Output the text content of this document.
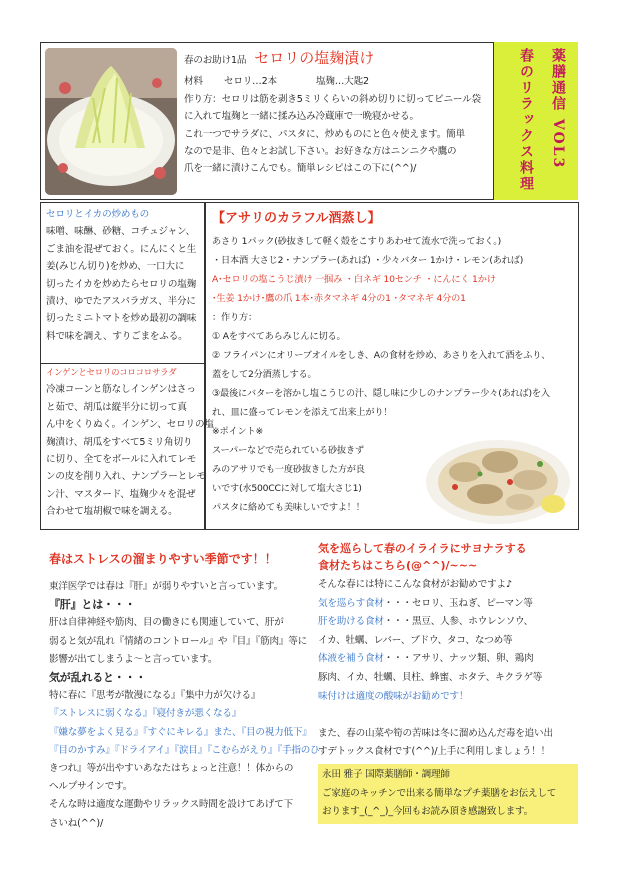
春のお助け1品 セロリの塩麹漬け
材料	セロリ…2本	塩麹…大匙2
作り方：セロリは筋を剥き5ミリくらいの斜め切りに切ってビニール袋
に入れて塩麹と一緒に揉み込み冷蔵庫で一晩寝かせる。
これ一つでサラダに、パスタに、炒めものにと色々使えます。簡単
なので是非、色々とお試し下さい。お好きな方はニンニクや鷹の
爪を一緒に漬けこんでも。簡単レシピはこの下に(^^)/	薬膳通信 VOL3
春のリラックス料理
セロリとイカの炒めもの
味噌、味醂、砂糖、コチュジャン、
ごま油を混ぜておく。にんにくと生
姜(みじん切り)を炒め、一口大に
切ったイカを炒めたらセロリの塩麹
漬け、ゆでたアスパラガス、半分に
切ったミニトマトを炒め最初の調味
料で味を調え、すりごまをふる。
インゲンとセロリのコロコロサラダ
冷凍コーンと筋なしインゲンはさっ
と茹で、胡瓜は縦半分に切って真
ん中をくりぬく。インゲン、セロリの塩
麹漬け、胡瓜をすべて5ミリ角切り
に切り、全てをボールに入れてレモ
ンの皮を削り入れ、ナンプラーとレモ
ン汁、マスタード、塩麹少々を混ぜ
合わせて塩胡椒で味を調える。
【アサリのカラフル酒蒸し】
あさり 1パック(砂抜きして軽く殻をこすりあわせて流水で洗っておく。)
・日本酒 大さじ2・ナンプラー(あれば) ・少々バター 1かけ・レモン(あれば)
A･セロリの塩こうじ漬け 一掴み ・白ネギ 10センチ ・にんにく 1かけ
･生姜 1かけ･鷹の爪 1本･赤タマネギ 4分の1 ･タマネギ 4分の1
：作り方：
① Aをすべてあらみじんに切る。
② フライパンにオリーブオイルをしき、Aの食材を炒め、あさりを入れて酒をふり、
蓋をして2分酒蒸しする。
③最後にバターを溶かし塩こうじの汁、隠し味に少しのナンプラー少々(あれば)を入
れ、皿に盛ってレモンを添えて出来上がり！
※ポイント※
スーパーなどで売られている砂抜きず
みのアサリでも一度砂抜きした方が良
いです(水500CCに対して塩大さじ1)
パスタに絡めても美味しいですよ！！
春はストレスの溜まりやすい季節です！！
東洋医学では春は『肝』が弱りやすいと言っています。
『肝』とは・・・
肝は自律神経や筋肉、目の働きにも関連していて、肝が
弱ると気が乱れ『情緒のコントロール』や『目』『筋肉』等に
影響が出てしまうよ～と言っています。
気が乱れると・・・
特に春に『思考が散漫になる』『集中力が欠ける』
『ストレスに弱くなる』『寝付きが悪くなる』
『嫌な夢をよく見る』『すぐにキレる』また、『目の視力低下』
『目のかすみ』『ドライアイ』『涙目』『こむらがえり』『手指のひ
きつれ』等が出やすいあなたはちょっと注意！！体からの
ヘルプサインです。
そんな時は適度な運動やリラックス時間を設けてあげて下
さいね(^^)/
気を巡らして春のイライラにサヨナラする
食材たちはこちら(@^^)/~~~
そんな春には特にこんな食材がお勧めですよ♪
気を巡らす食材・・・セロリ、玉ねぎ、ピーマン等
肝を助ける食材・・・黒豆、人参、ホウレンソウ、
イカ、牡蠣、レバー、ブドウ、タコ、なつめ等
体液を補う食材・・・アサリ、ナッツ類、卵、鶏肉
豚肉、イカ、牡蠣、貝柱、蜂蜜、ホタテ、キクラゲ等
味付けは適度の酸味がお勧めです！
また、春の山菜や筍の苦味は冬に溜め込んだ毒を追い出
すデトックス食材です(^^)/上手に利用しましょう！！
永田 雅子 国際薬膳師・調理師
ご家庭のキッチンで出来る簡単なプチ薬膳をお伝えして
おります_(_^_)_今回もお読み頂き感謝致します。
